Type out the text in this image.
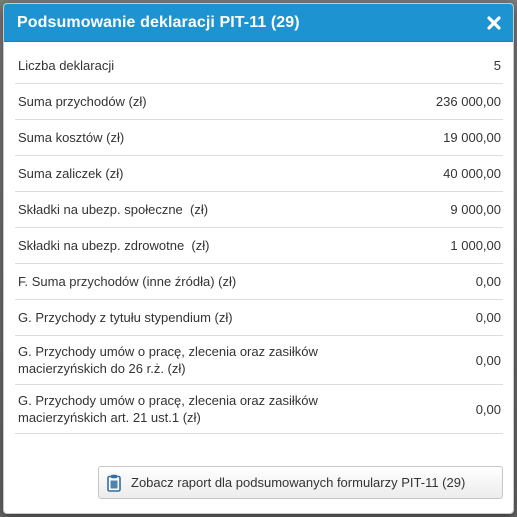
Podsumowanie deklaracji PIT-11 (29)
Liczba deklaracji	5
Suma przychodów (zł)	236 000,00
Suma kosztów (zł)	19 000,00
Suma zaliczek (zł)	40 000,00
Składki na ubezp. społeczne  (zł)	9 000,00
Składki na ubezp. zdrowotne  (zł)	1 000,00
F. Suma przychodów (inne źródła) (zł)	0,00
G. Przychody z tytułu stypendium (zł)	0,00
G. Przychody umów o pracę, zlecenia oraz zasiłków
macierzyńskich do 26 r.ż. (zł)	0,00
G. Przychody umów o pracę, zlecenia oraz zasiłków
macierzyńskich art. 21 ust.1 (zł)	0,00
Zobacz raport dla podsumowanych formularzy PIT-11 (29)
